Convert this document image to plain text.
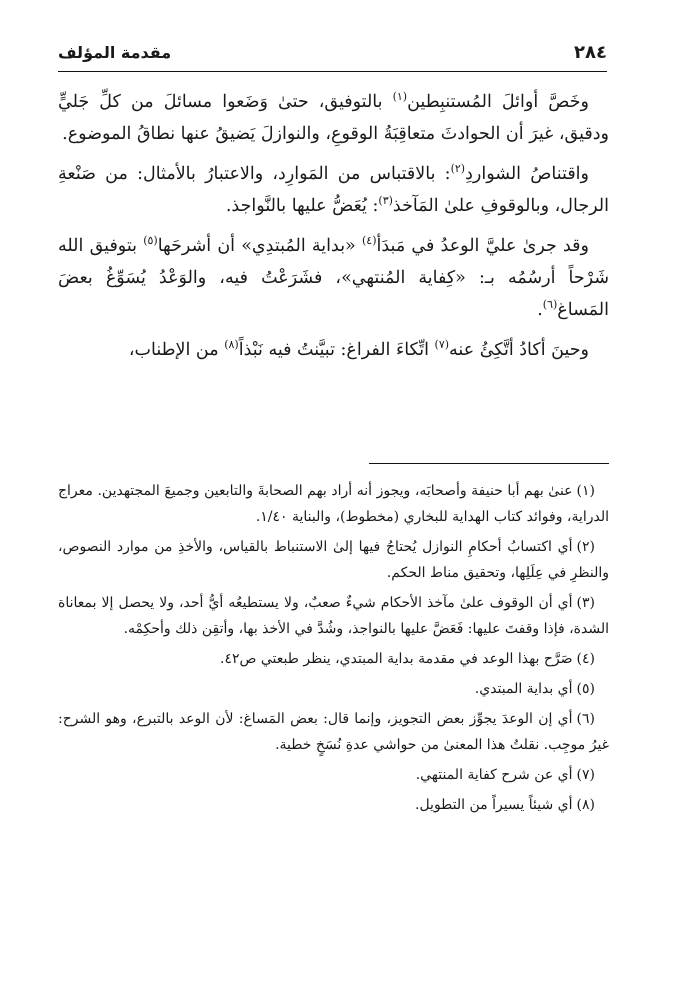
٢٨٤
مقدمة المؤلف

وخَصَّ أوائلَ المُستنبِطين$^{(١)}$ بالتوفيق، حتىٰ وَضَعوا مسائلَ من كلِّ جَليٍّ ودقيق، غيرَ أن الحوادثَ متعاقِبَةُ الوقوعِ، والنوازلَ يَضيقُ عنها نطاقُ الموضوع.

واقتناصُ الشواردِ$^{(٢)}$: بالاقتباس من المَوارِد، والاعتبارُ بالأمثال: من صَنْعةِ الرجال، وبالوقوفِ علىٰ المَآخذ$^{(٣)}$: يُعَضُّ عليها بالنَّواجذ.

وقد جرىٰ عليَّ الوعدُ في مَبدَأ$^{(٤)}$ «بداية المُبتدِي» أن أشرحَها$^{(٥)}$ بتوفيق الله شَرْحاً أرسُمُه بـ: «كِفاية المُنتهي»، فشَرَعْتُ فيه، والوَعْدُ يُسَوِّغُ بعضَ المَساغ$^{(٦)}$.

وحينَ أكادُ أتَّكِئُ عنه$^{(٧)}$ اتِّكاءَ الفراغ: تبيَّنتُ فيه نَبْذاً$^{(٨)}$ من الإطناب،

(١)عنىٰ بهم أبا حنيفة وأصحابَه، ويجوز أنه أراد بهم الصحابةَ والتابعين وجميعَ المجتهدين. معراج الدراية، وفوائد كتاب الهداية للبخاري (مخطوط)، والبناية ١/٤٠.

(٢)أي اكتسابُ أحكامِ النوازل يُحتاجُ فيها إلىٰ الاستنباط بالقياس، والأخذِ من موارد النصوص، والنظرِ في عِلَلِها، وتحقيق مناط الحكم.

(٣)أي أن الوقوف علىٰ مآخذ الأحكام شيءٌ صعبٌ، ولا يستطيعُه أيُّ أحد، ولا يحصل إلا بمعاناة الشدة، فإذا وقفتَ عليها: فَعَضَّ عليها بالنواجذ، وشُدَّ في الأخذ بها، وأتقِن ذلك وأحكِمْه.

(٤)صَرَّح بهذا الوعد في مقدمة بداية المبتدي، ينظر طبعتي ص٤٢.

(٥)أي بداية المبتدي.

(٦)أي إن الوعدَ يجوِّز بعض التجويز، وإنما قال: بعض المَساغ: لأن الوعد بالتبرع، وهو الشرح: غيرُ موجِب. نقلتُ هذا المعنىٰ من حواشي عدةِ نُسَخٍ خطية.

(٧)أي عن شرح كفاية المنتهي.

(٨)أي شيئاً يسيراً من التطويل.
